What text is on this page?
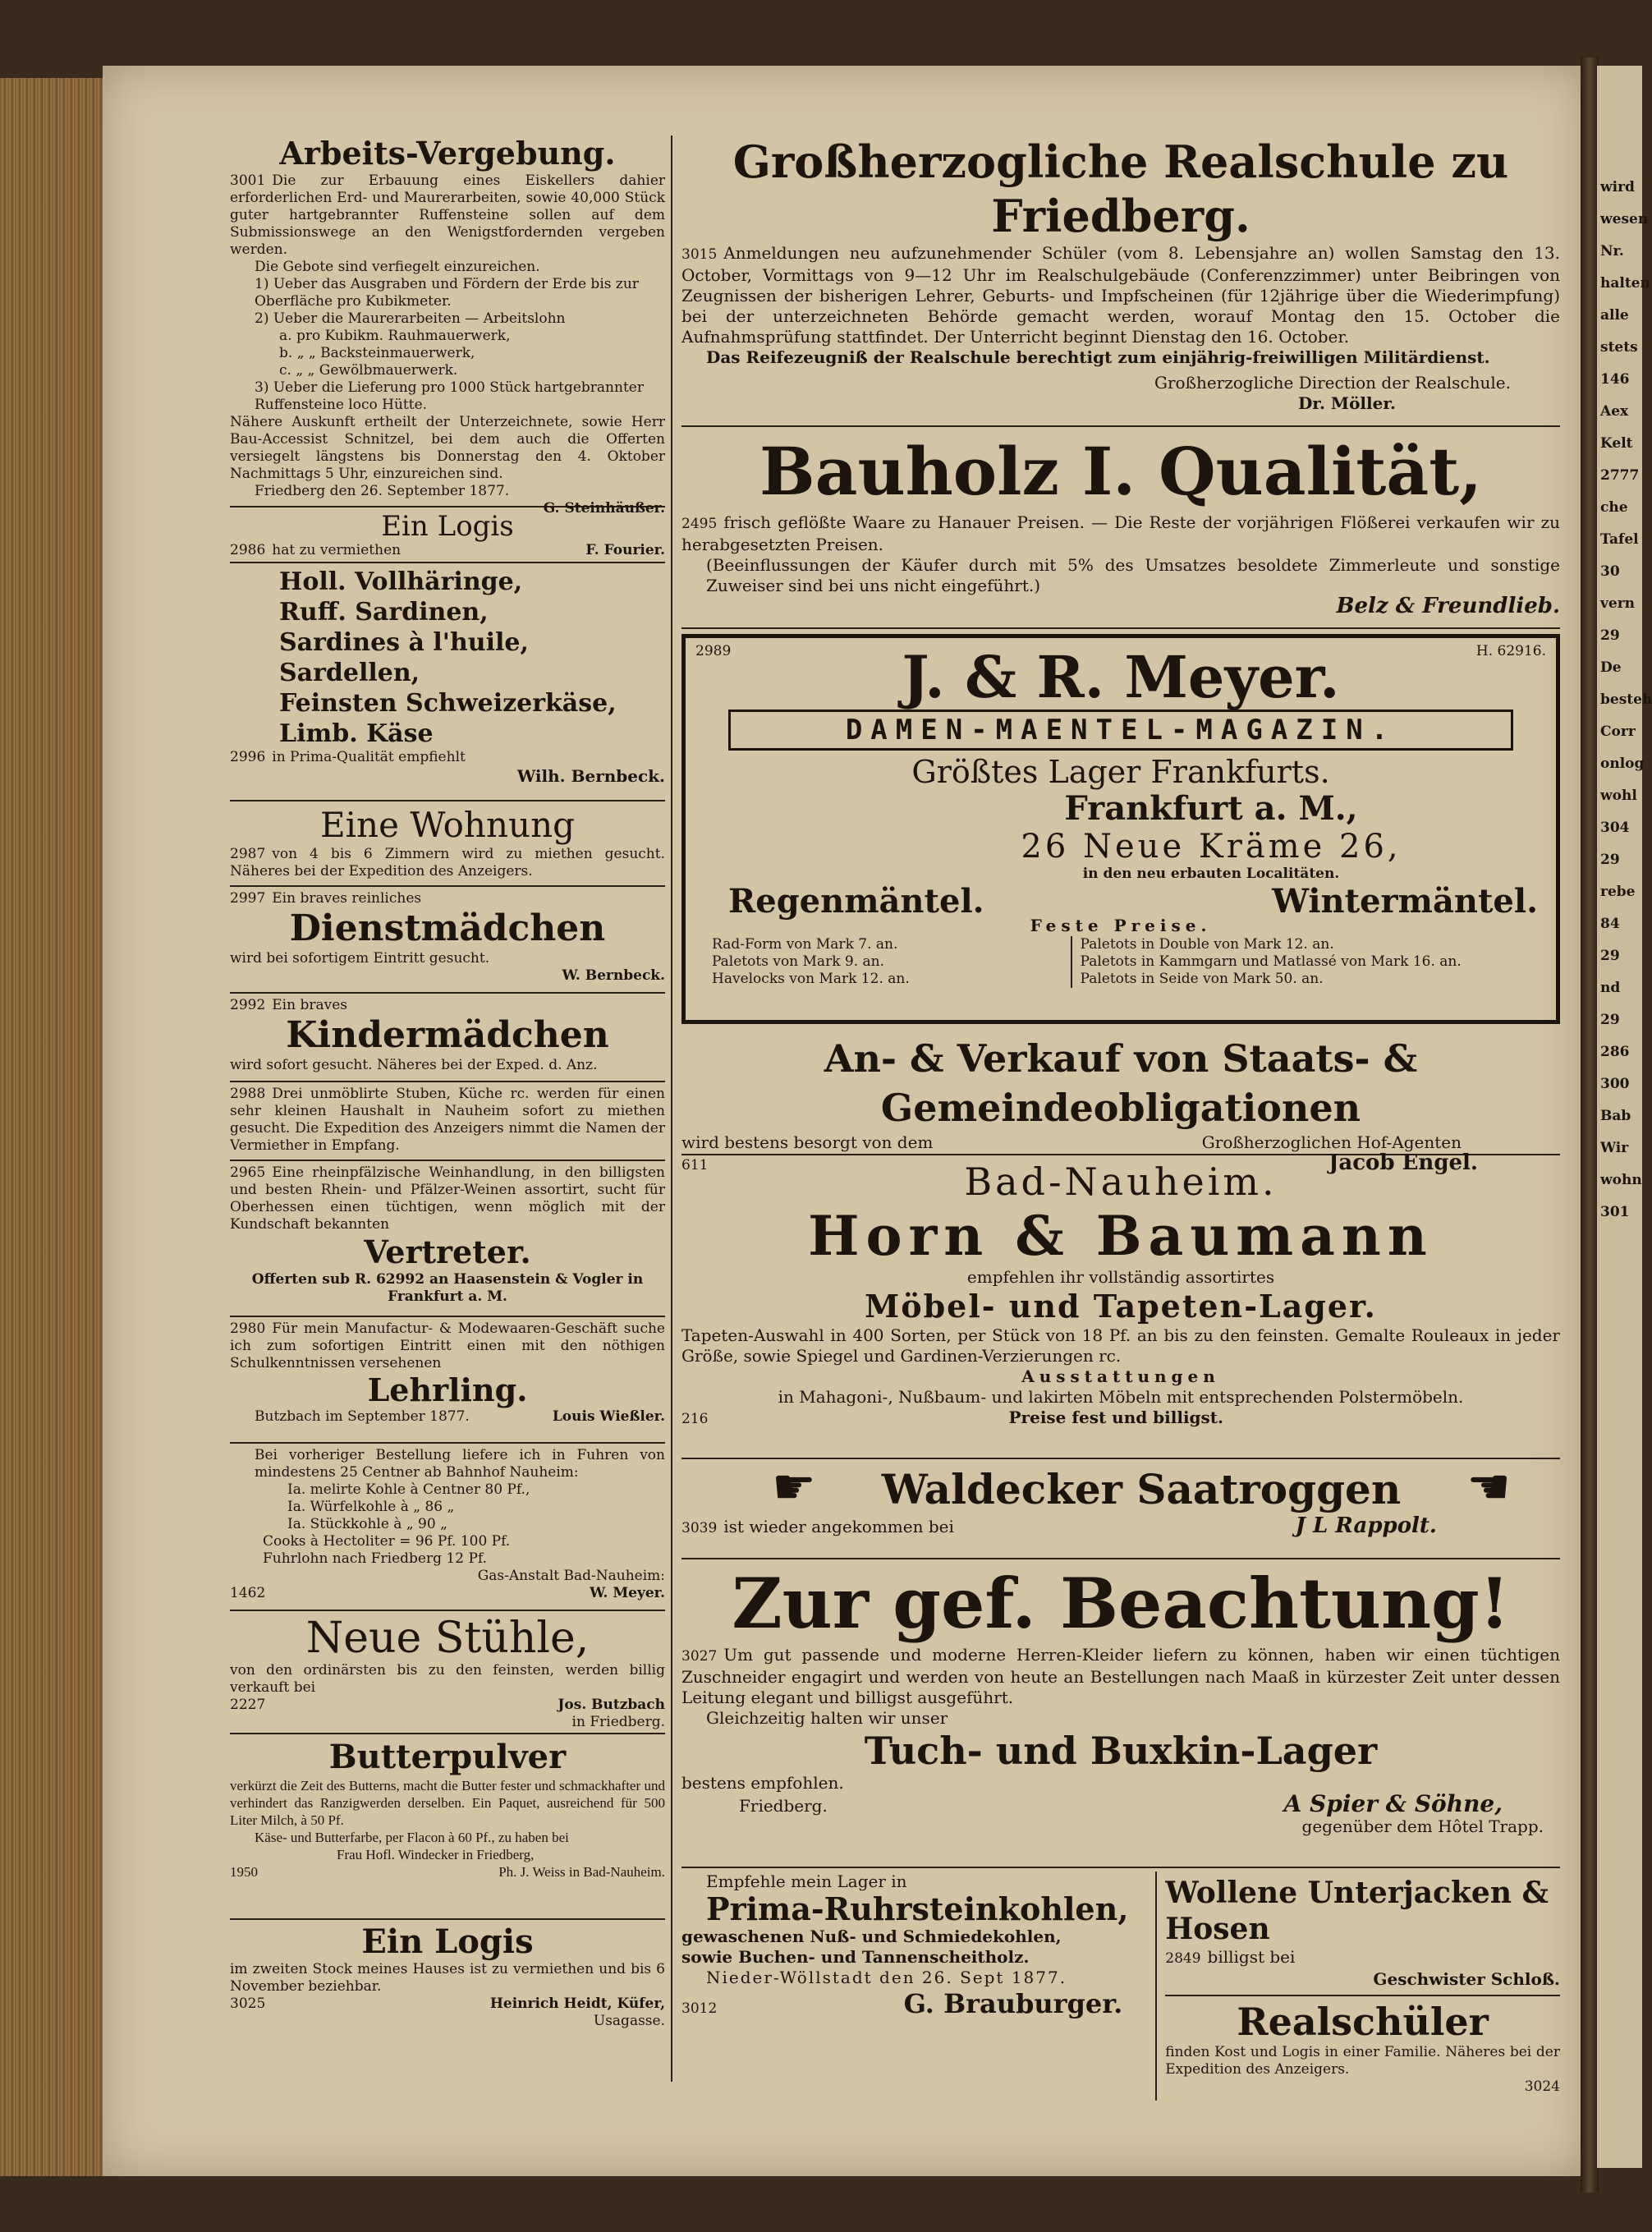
wird
wesen
Nr.
halten
alle
stets
146
Aex
Kelt
2777
che
Tafel
30
vern
29
De
besteh
Corr
onlog
wohl
304
29
rebe
84
29
nd
29
286
300
Bab
Wir
wohn
301
Arbeits-Vergebung.
3001 Die zur Erbauung eines Eiskellers dahier erforderlichen Erd- und Maurerarbeiten, sowie 40,000 Stück guter hartgebrannter Ruffensteine sollen auf dem Submissionswege an den Wenigstfordernden vergeben werden.
Die Gebote sind verfiegelt einzureichen.
1) Ueber das Ausgraben und Fördern der Erde bis zur Oberfläche pro Kubikmeter.
2) Ueber die Maurerarbeiten — Arbeitslohn
a. pro Kubikm. Rauhmauerwerk,
b. „ „ Backsteinmauerwerk,
c. „ „ Gewölbmauerwerk.
3) Ueber die Lieferung pro 1000 Stück hartgebrannter Ruffensteine loco Hütte.
Nähere Auskunft ertheilt der Unterzeichnete, sowie Herr Bau-Accessist Schnitzel, bei dem auch die Offerten versiegelt längstens bis Donnerstag den 4. Oktober Nachmittags 5 Uhr, einzureichen sind.
Friedberg den 26. September 1877.
G. Steinhäußer.
Ein Logis
2986 hat zu vermiethen	F. Fourier.
Holl. Vollhäringe,
Ruff. Sardinen,
Sardines à l'huile,
Sardellen,
Feinsten Schweizerkäse,
Limb. Käse
2996 in Prima-Qualität empfiehlt
Wilh. Bernbeck.
Eine Wohnung
2987 von 4 bis 6 Zimmern wird zu miethen gesucht. Näheres bei der Expedition des Anzeigers.
2997 Ein braves reinliches
Dienstmädchen
wird bei sofortigem Eintritt gesucht.
W. Bernbeck.
2992 Ein braves
Kindermädchen
wird sofort gesucht. Näheres bei der Exped. d. Anz.
2988 Drei unmöblirte Stuben, Küche rc. werden für einen sehr kleinen Haushalt in Nauheim sofort zu miethen gesucht. Die Expedition des Anzeigers nimmt die Namen der Vermiether in Empfang.
2965 Eine rheinpfälzische Weinhandlung, in den billigsten und besten Rhein- und Pfälzer-Weinen assortirt, sucht für Oberhessen einen tüchtigen, wenn möglich mit der Kundschaft bekannten
Vertreter.
Offerten sub R. 62992 an Haasenstein & Vogler in Frankfurt a. M.
2980 Für mein Manufactur- & Modewaaren-Geschäft suche ich zum sofortigen Eintritt einen mit den nöthigen Schulkenntnissen versehenen
Lehrling.
Butzbach im September 1877.	Louis Wießler.
Bei vorheriger Bestellung liefere ich in Fuhren von mindestens 25 Centner ab Bahnhof Nauheim:
Ia. melirte Kohle à Centner 80 Pf.,
Ia. Würfelkohle à „ 86 „
Ia. Stückkohle à „ 90 „
Cooks à Hectoliter = 96 Pf. 100 Pf.
Fuhrlohn nach Friedberg 12 Pf.
Gas-Anstalt Bad-Nauheim:
1462	W. Meyer.
Neue Stühle,
von den ordinärsten bis zu den feinsten, werden billig verkauft bei
2227	Jos. Butzbach
in Friedberg.
Butterpulver
verkürzt die Zeit des Butterns, macht die Butter fester und schmackhafter und verhindert das Ranzigwerden derselben. Ein Paquet, ausreichend für 500 Liter Milch, à 50 Pf.
Käse- und Butterfarbe, per Flacon à 60 Pf., zu haben bei
Frau Hofl. Windecker in Friedberg,
1950	Ph. J. Weiss in Bad-Nauheim.
Ein Logis
im zweiten Stock meines Hauses ist zu vermiethen und bis 6 November beziehbar.
3025	Heinrich Heidt, Küfer,
Usagasse.
Großherzogliche Realschule zu Friedberg.
3015 Anmeldungen neu aufzunehmender Schüler (vom 8. Lebensjahre an) wollen Samstag den 13. October, Vormittags von 9—12 Uhr im Realschulgebäude (Conferenzzimmer) unter Beibringen von Zeugnissen der bisherigen Lehrer, Geburts- und Impfscheinen (für 12jährige über die Wiederimpfung) bei der unterzeichneten Behörde gemacht werden, worauf Montag den 15. October die Aufnahmsprüfung stattfindet. Der Unterricht beginnt Dienstag den 16. October.
Das Reifezeugniß der Realschule berechtigt zum einjährig-freiwilligen Militärdienst.
Großherzogliche Direction der Realschule.
Dr. Möller.
Bauholz I. Qualität,
2495 frisch geflößte Waare zu Hanauer Preisen. — Die Reste der vorjährigen Flößerei verkaufen wir zu herabgesetzten Preisen.
(Beeinflussungen der Käufer durch mit 5% des Umsatzes besoldete Zimmerleute und sonstige Zuweiser sind bei uns nicht eingeführt.)
Belz & Freundlieb.
2989	H. 62916.
J. & R. Meyer.
DAMEN-MAENTEL-MAGAZIN.
Größtes Lager Frankfurts.
Frankfurt a. M.,
26 Neue Kräme 26,
in den neu erbauten Localitäten.
Regenmäntel.	Wintermäntel.
Feste Preise.
Rad-Form von Mark 7. an.
Paletots von Mark 9. an.
Havelocks von Mark 12. an.
Paletots in Double von Mark 12. an.
Paletots in Kammgarn und Matlassé von Mark 16. an.
Paletots in Seide von Mark 50. an.
An- & Verkauf von Staats- & Gemeindeobligationen
wird bestens besorgt von dem	Großherzoglichen Hof-Agenten
611	Jacob Engel.
Bad-Nauheim.
Horn & Baumann
empfehlen ihr vollständig assortirtes
Möbel- und Tapeten-Lager.
Tapeten-Auswahl in 400 Sorten, per Stück von 18 Pf. an bis zu den feinsten. Gemalte Rouleaux in jeder Größe, sowie Spiegel und Gardinen-Verzierungen rc.
Ausstattungen
in Mahagoni-, Nußbaum- und lakirten Möbeln mit entsprechenden Polstermöbeln.
216	Preise fest und billigst.
☛ Waldecker Saatroggen ☚
3039 ist wieder angekommen bei	J L Rappolt.
Zur gef. Beachtung!
3027 Um gut passende und moderne Herren-Kleider liefern zu können, haben wir einen tüchtigen Zuschneider engagirt und werden von heute an Bestellungen nach Maaß in kürzester Zeit unter dessen Leitung elegant und billigst ausgeführt.
Gleichzeitig halten wir unser
Tuch- und Buxkin-Lager
bestens empfohlen.
Friedberg.	A Spier & Söhne,
gegenüber dem Hôtel Trapp.
Empfehle mein Lager in
Prima-Ruhrsteinkohlen,
gewaschenen Nuß- und Schmiedekohlen,
sowie Buchen- und Tannenscheitholz.
Nieder-Wöllstadt den 26. Sept 1877.
3012	G. Brauburger.
Wollene Unterjacken & Hosen
2849 billigst bei
Geschwister Schloß.
Realschüler
finden Kost und Logis in einer Familie. Näheres bei der Expedition des Anzeigers.
3024
